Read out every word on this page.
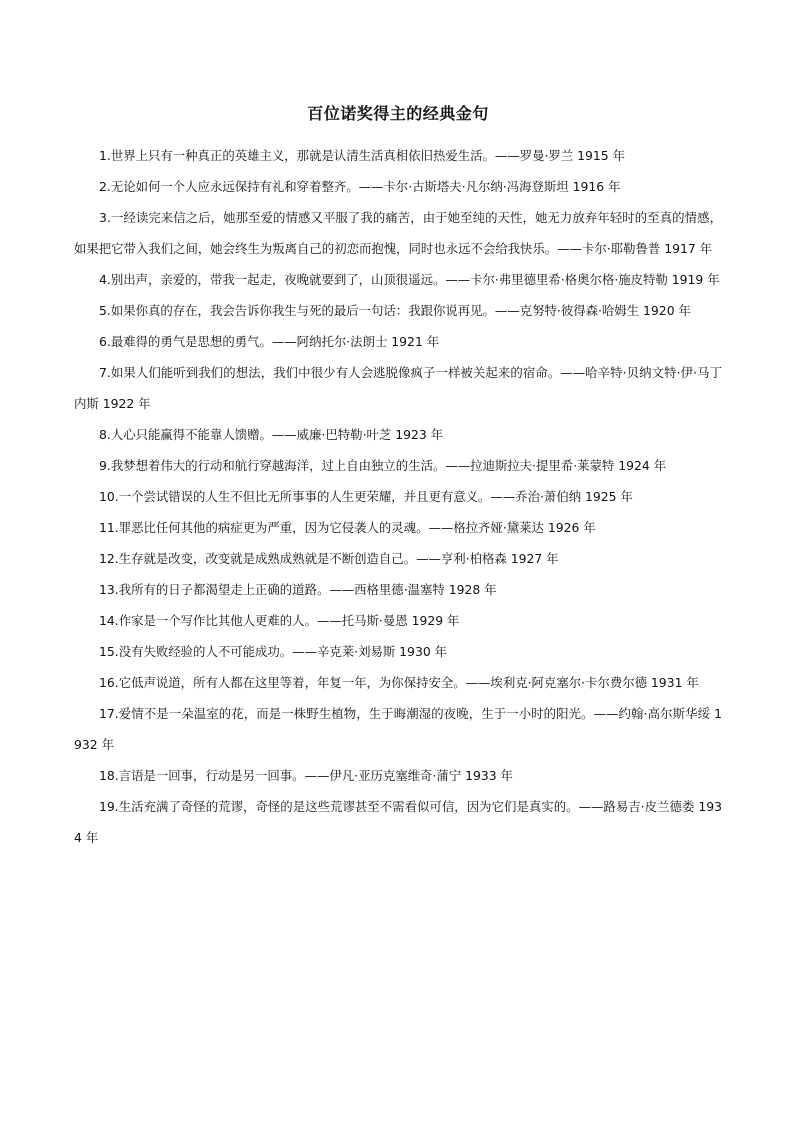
百位诺奖得主的经典金句

1.世界上只有一种真正的英雄主义，那就是认清生活真相依旧热爱生活。——罗曼·罗兰 1915 年

2.无论如何一个人应永远保持有礼和穿着整齐。——卡尔·古斯塔夫·凡尔纳·冯海登斯坦 1916 年

3.一经读完来信之后，她那至爱的情感又平服了我的痛苦，由于她至纯的天性，她无力放弃年轻时的至真的情感，如果把它带入我们之间，她会终生为叛离自己的初恋而抱愧，同时也永远不会给我快乐。——卡尔·耶勒鲁普 1917 年

4.别出声，亲爱的，带我一起走，夜晚就要到了，山顶很遥远。——卡尔·弗里德里希·格奥尔格·施皮特勒 1919 年

5.如果你真的存在，我会告诉你我生与死的最后一句话：我跟你说再见。——克努特·彼得森·哈姆生 1920 年

6.最难得的勇气是思想的勇气。——阿纳托尔·法朗士 1921 年

7.如果人们能听到我们的想法，我们中很少有人会逃脱像疯子一样被关起来的宿命。——哈辛特·贝纳文特·伊·马丁内斯 1922 年

8.人心只能赢得不能靠人馈赠。——威廉·巴特勒·叶芝 1923 年

9.我梦想着伟大的行动和航行穿越海洋，过上自由独立的生活。——拉迪斯拉夫·提里希·莱蒙特 1924 年

10.一个尝试错误的人生不但比无所事事的人生更荣耀，并且更有意义。——乔治·萧伯纳 1925 年

11.罪恶比任何其他的病症更为严重，因为它侵袭人的灵魂。——格拉齐娅·黛莱达 1926 年

12.生存就是改变，改变就是成熟成熟就是不断创造自己。——亨利·柏格森 1927 年

13.我所有的日子都渴望走上正确的道路。——西格里德·温塞特 1928 年

14.作家是一个写作比其他人更难的人。——托马斯·曼恩 1929 年

15.没有失败经验的人不可能成功。——辛克莱·刘易斯 1930 年

16.它低声说道，所有人都在这里等着，年复一年，为你保持安全。——埃利克·阿克塞尔·卡尔费尔德 1931 年

17.爱情不是一朵温室的花，而是一株野生植物，生于晦潮湿的夜晚，生于一小时的阳光。——约翰·高尔斯华绥 1932 年

18.言语是一回事，行动是另一回事。——伊凡·亚历克塞维奇·蒲宁 1933 年

19.生活充满了奇怪的荒谬，奇怪的是这些荒谬甚至不需看似可信，因为它们是真实的。——路易吉·皮兰德娄 1934 年
